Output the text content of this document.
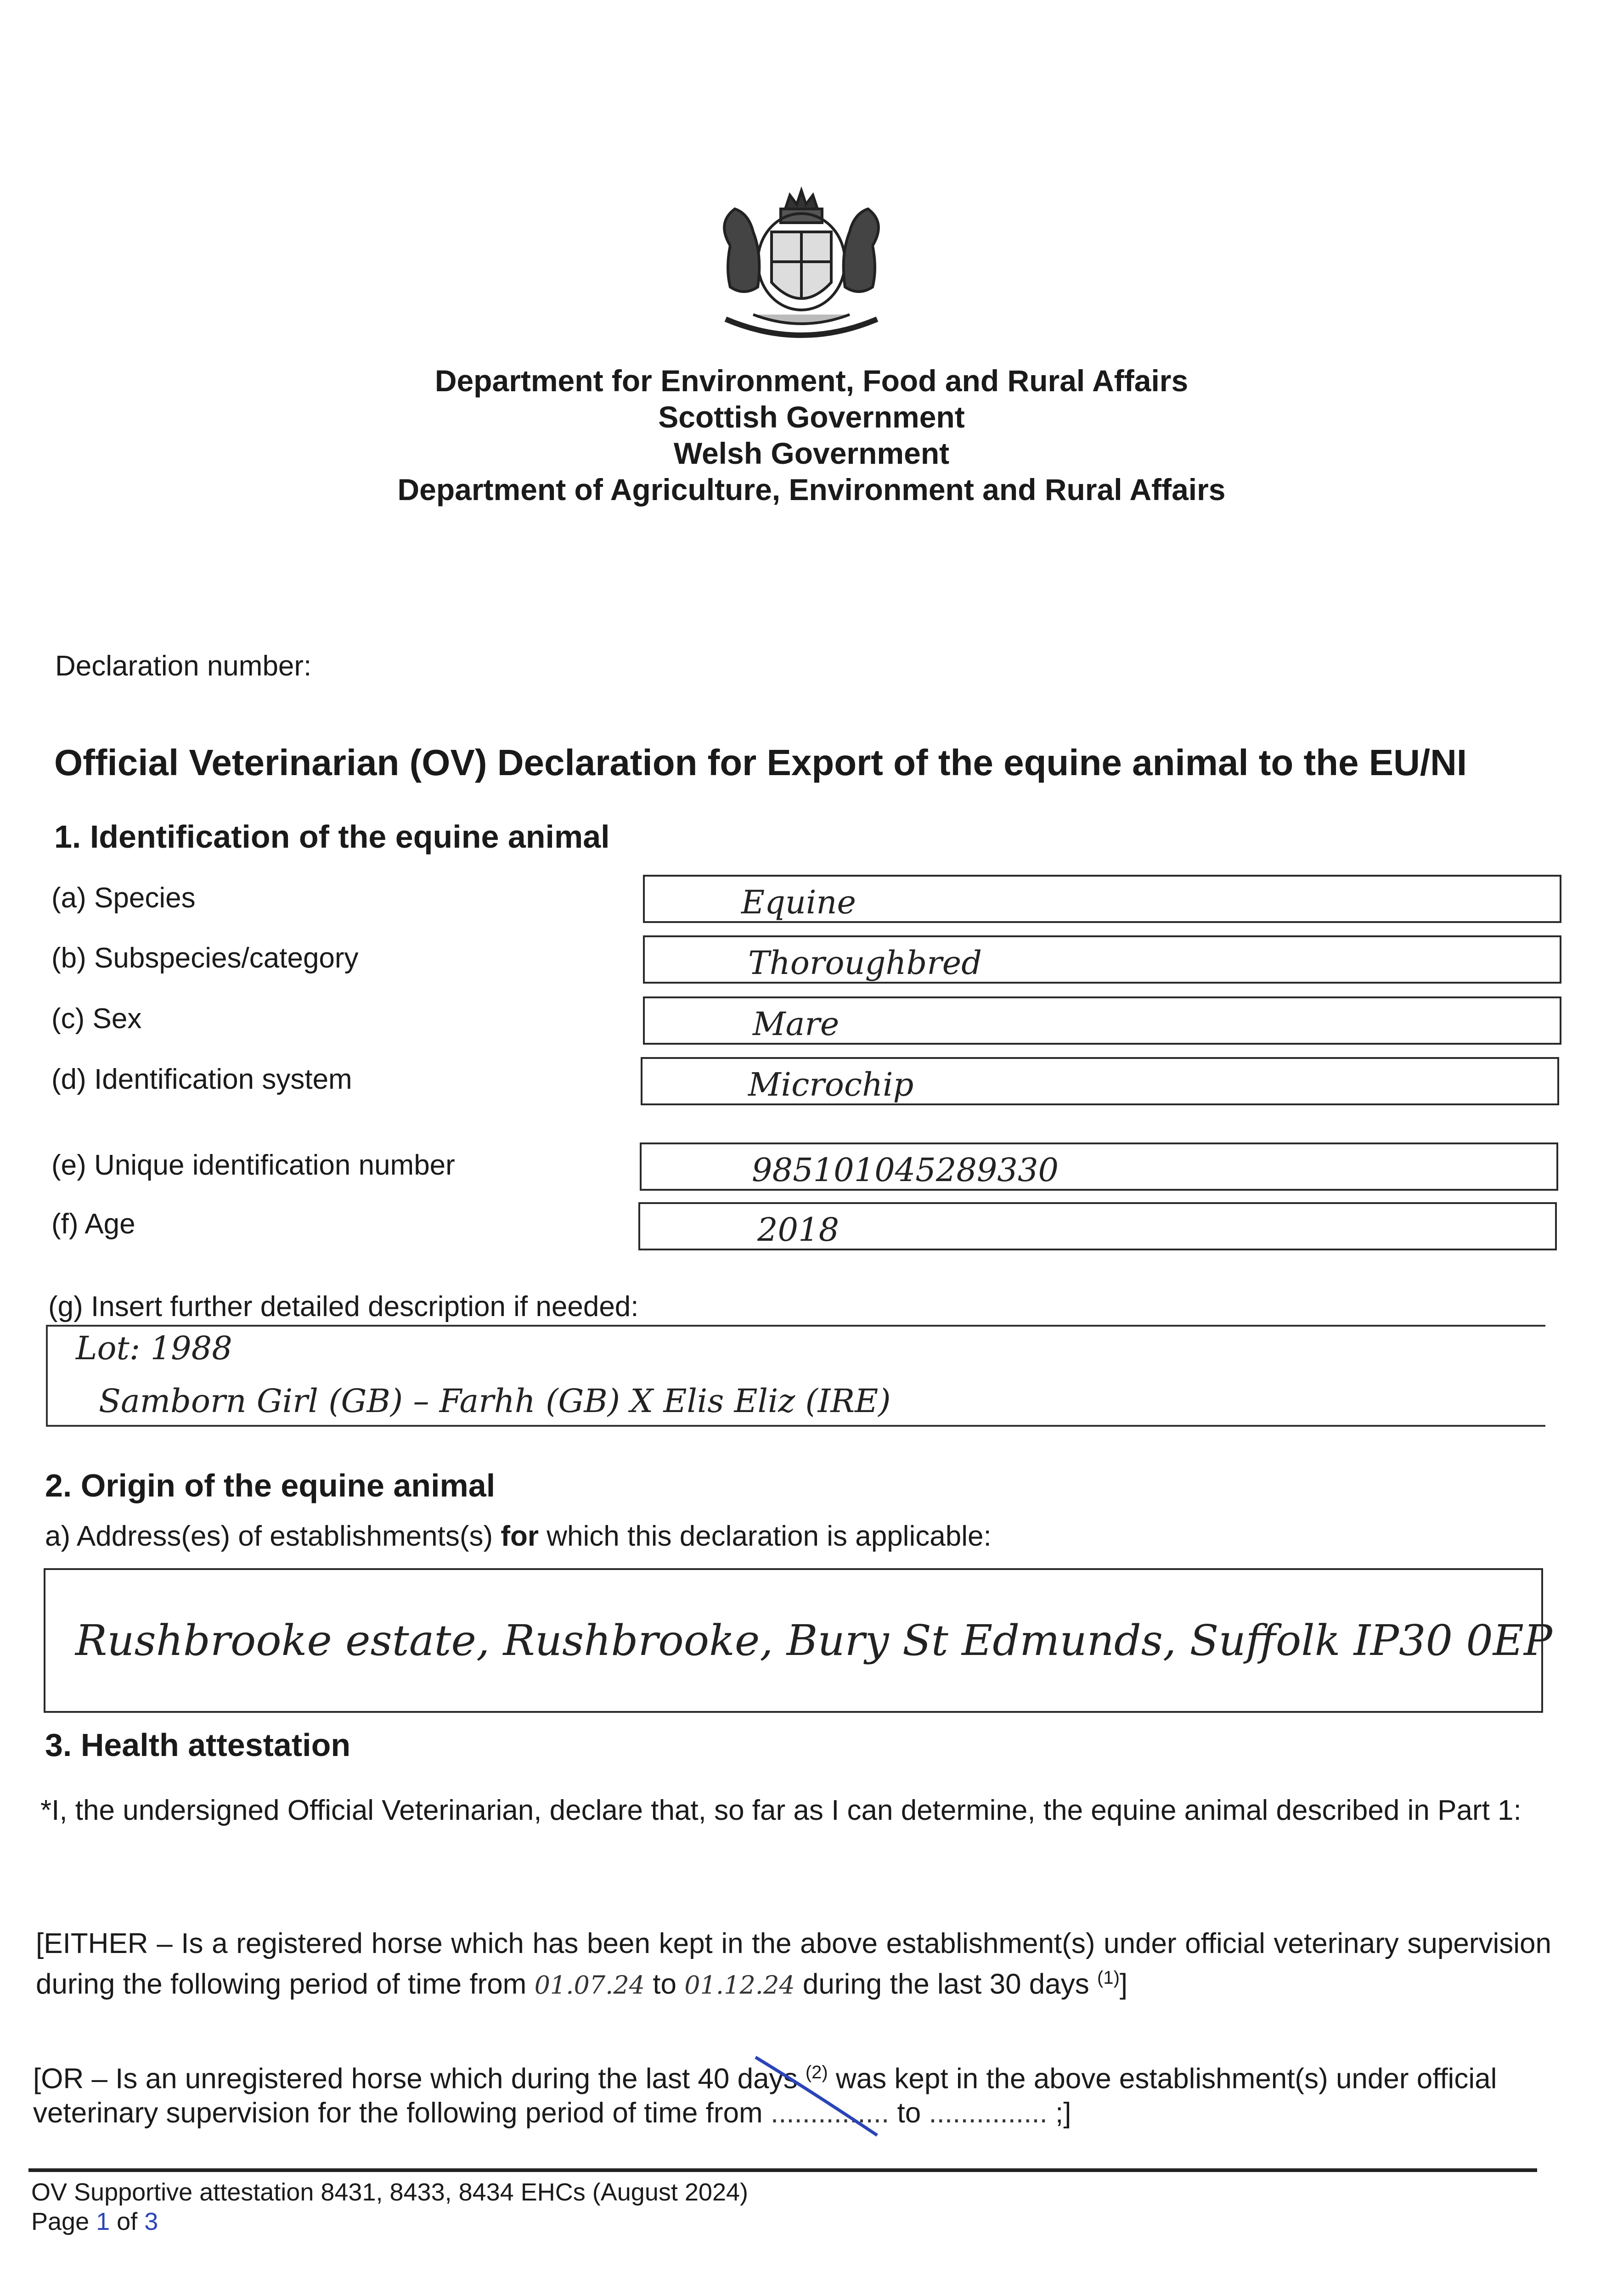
Department for Environment, Food and Rural Affairs
Scottish Government
Welsh Government
Department of Agriculture, Environment and Rural Affairs
Declaration number:
Official Veterinarian (OV) Declaration for Export of the equine animal to the EU/NI
1. Identification of the equine animal
(a) Species	Equine
(b) Subspecies/category	Thoroughbred
(c) Sex	Mare
(d) Identification system	Microchip
(e) Unique identification number	985101045289330
(f) Age	2018
(g) Insert further detailed description if needed:
Lot: 1988
Samborn Girl (GB) – Farhh (GB) X Elis Eliz (IRE)
2. Origin of the equine animal
a) Address(es) of establishments(s) for which this declaration is applicable:
Rushbrooke estate, Rushbrooke, Bury St Edmunds, Suffolk IP30 0EP
3. Health attestation
*I, the undersigned Official Veterinarian, declare that, so far as I can determine, the equine animal described in Part 1:
[EITHER – Is a registered horse which has been kept in the above establishment(s) under official veterinary supervision during the following period of time from 01.07.24 to 01.12.24 during the last 30 days $^{(1)}$]
[OR – Is an unregistered horse which during the last 40 days $^{(2)}$ was kept in the above establishment(s) under official veterinary supervision for the following period of time from ............... to ............... ;]
OV Supportive attestation 8431, 8433, 8434 EHCs (August 2024)
Page 1 of 3
